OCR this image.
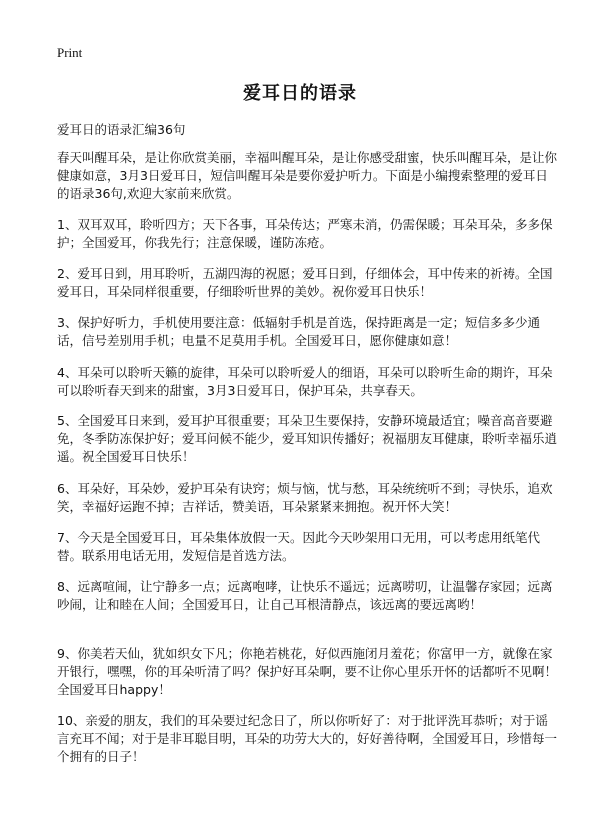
Print
爱耳日的语录
爱耳日的语录汇编36句
春天叫醒耳朵，是让你欣赏美丽，幸福叫醒耳朵，是让你感受甜蜜，快乐叫醒耳朵，是让你健康如意，3月3日爱耳日，短信叫醒耳朵是要你爱护听力。下面是小编搜索整理的爱耳日的语录36句,欢迎大家前来欣赏。
1、双耳双耳，聆听四方；天下各事，耳朵传达；严寒未消，仍需保暖；耳朵耳朵，多多保护；全国爱耳，你我先行；注意保暖，谨防冻疮。
2、爱耳日到，用耳聆听，五湖四海的祝愿；爱耳日到，仔细体会，耳中传来的祈祷。全国爱耳日，耳朵同样很重要，仔细聆听世界的美妙。祝你爱耳日快乐！
3、保护好听力，手机使用要注意：低辐射手机是首选，保持距离是一定；短信多多少通话，信号差别用手机；电量不足莫用手机。全国爱耳日，愿你健康如意！
4、耳朵可以聆听天籁的旋律，耳朵可以聆听爱人的细语，耳朵可以聆听生命的期许，耳朵可以聆听春天到来的甜蜜，3月3日爱耳日，保护耳朵，共享春天。
5、全国爱耳日来到，爱耳护耳很重要；耳朵卫生要保持，安静环境最适宜；噪音高音要避免，冬季防冻保护好；爱耳问候不能少，爱耳知识传播好；祝福朋友耳健康，聆听幸福乐逍遥。祝全国爱耳日快乐！
6、耳朵好，耳朵妙，爱护耳朵有诀窍；烦与恼，忧与愁，耳朵统统听不到；寻快乐，追欢笑，幸福好运跑不掉；吉祥话，赞美语，耳朵紧紧来拥抱。祝开怀大笑！
7、今天是全国爱耳日，耳朵集体放假一天。因此今天吵架用口无用，可以考虑用纸笔代替。联系用电话无用，发短信是首选方法。
8、远离喧闹，让宁静多一点；远离咆哮，让快乐不遥远；远离唠叨，让温馨存家园；远离吵闹，让和睦在人间；全国爱耳日，让自己耳根清静点，该远离的要远离哟！
9、你美若天仙，犹如织女下凡；你艳若桃花，好似西施闭月羞花；你富甲一方，就像在家开银行，嘿嘿，你的耳朵听清了吗？保护好耳朵啊，要不让你心里乐开怀的话都听不见啊！全国爱耳日happy！
10、亲爱的朋友，我们的耳朵要过纪念日了，所以你听好了：对于批评洗耳恭听；对于谣言充耳不闻；对于是非耳聪目明，耳朵的功劳大大的，好好善待啊，全国爱耳日，珍惜每一个拥有的日子！
